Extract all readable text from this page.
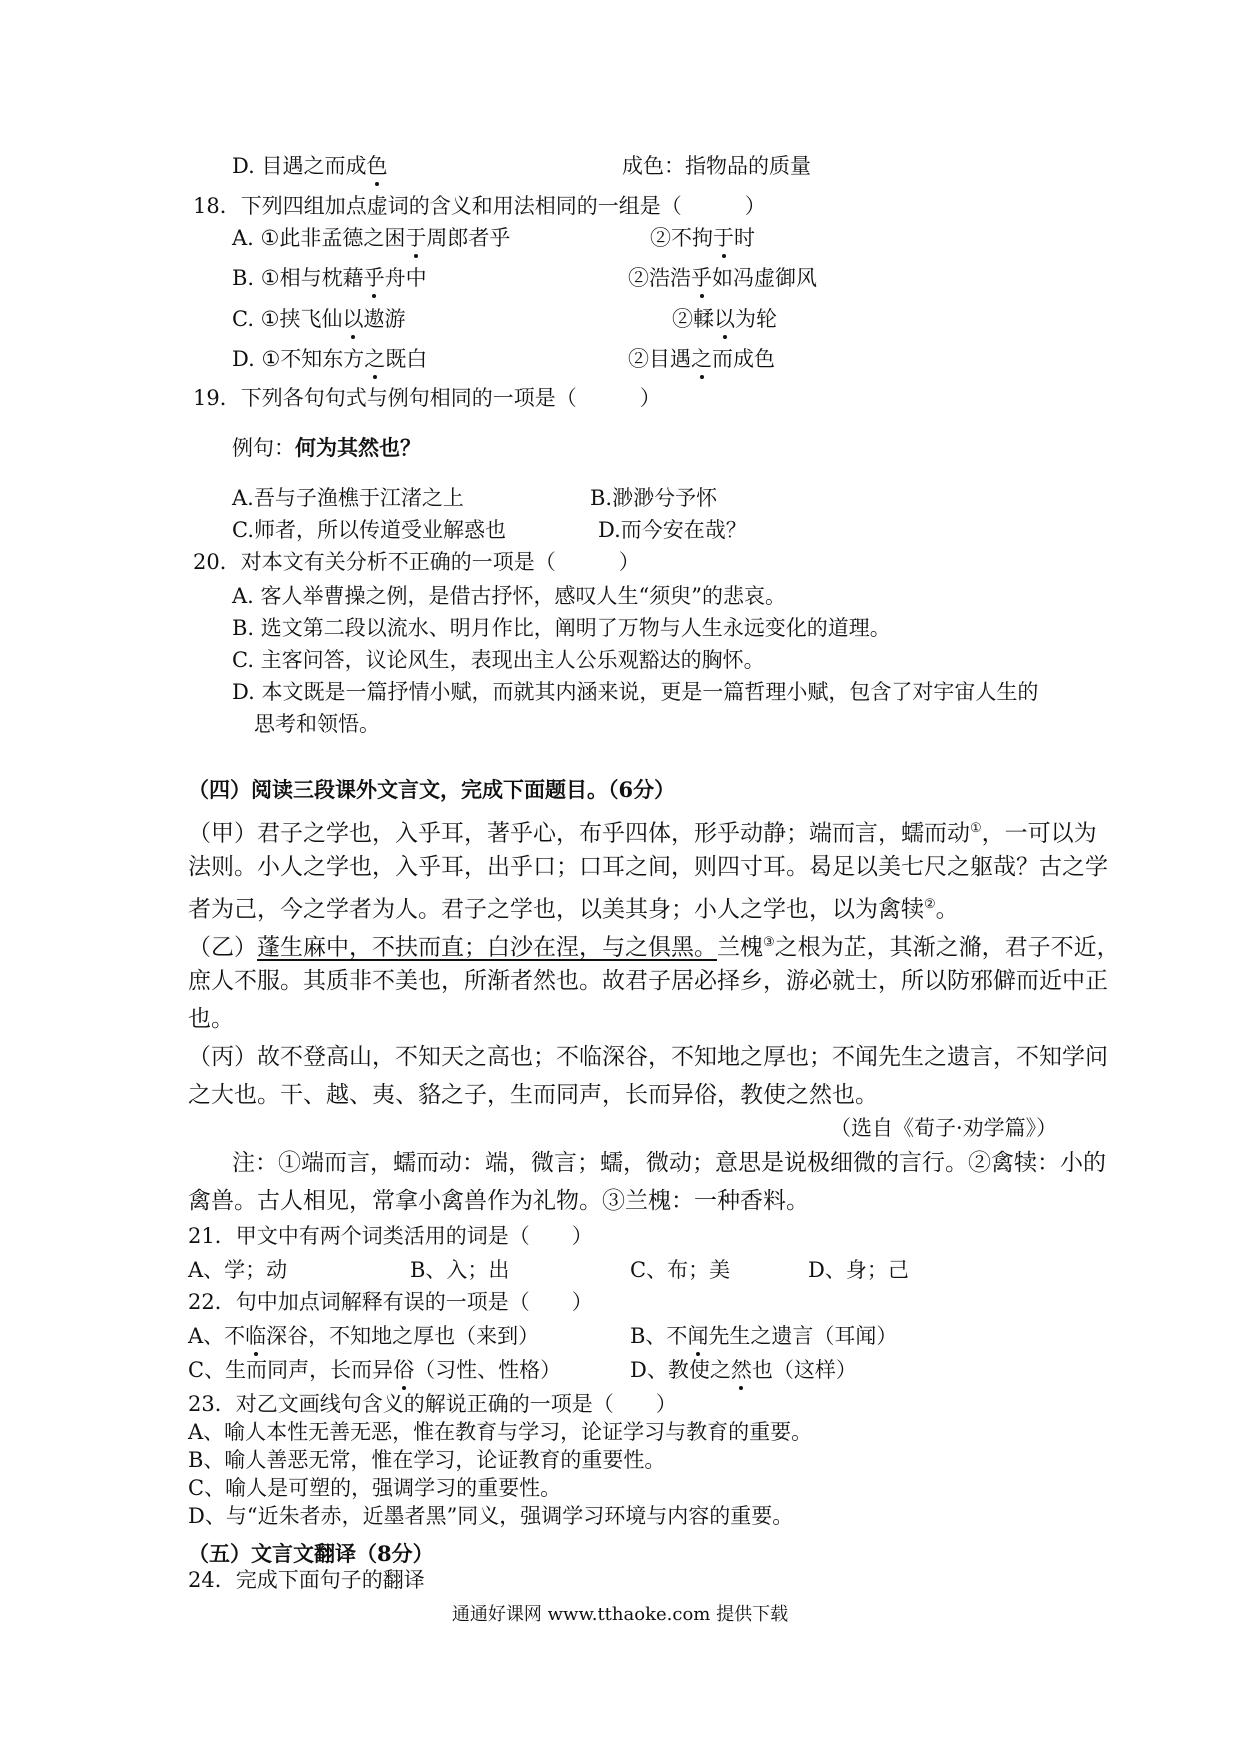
D. 目遇之而成色	成色：指物品的质量
18．下列四组加点虚词的含义和用法相同的一组是（　　　）
A. ①此非孟德之困于周郎者乎	②不拘于时
B. ①相与枕藉乎舟中	②浩浩乎如冯虚御风
C. ①挟飞仙以遨游	②輮以为轮
D. ①不知东方之既白	②目遇之而成色
19．下列各句句式与例句相同的一项是（　　　）
例句：何为其然也？
A.吾与子渔樵于江渚之上	B.渺渺兮予怀
C.师者，所以传道受业解惑也	D.而今安在哉？
20．对本文有关分析不正确的一项是（　　　）
A. 客人举曹操之例，是借古抒怀，感叹人生“须臾”的悲哀。
B. 选文第二段以流水、明月作比，阐明了万物与人生永远变化的道理。
C. 主客问答，议论风生，表现出主人公乐观豁达的胸怀。
D. 本文既是一篇抒情小赋，而就其内涵来说，更是一篇哲理小赋，包含了对宇宙人生的
思考和领悟。
（四）阅读三段课外文言文，完成下面题目。（6分）
（甲）君子之学也，入乎耳，著乎心，布乎四体，形乎动静；端而言，蠕而动①，一可以为
法则。小人之学也，入乎耳，出乎口；口耳之间，则四寸耳。曷足以美七尺之躯哉？古之学
者为己，今之学者为人。君子之学也，以美其身；小人之学也，以为禽犊②。
（乙）蓬生麻中，不扶而直；白沙在涅，与之俱黑。兰槐③之根为芷，其渐之滫，君子不近，
庶人不服。其质非不美也，所渐者然也。故君子居必择乡，游必就士，所以防邪僻而近中正
也。
（丙）故不登高山，不知天之高也；不临深谷，不知地之厚也；不闻先生之遗言，不知学问
之大也。干、越、夷、貉之子，生而同声，长而异俗，教使之然也。
（选自《荀子·劝学篇》）
注：①端而言，蠕而动：端，微言；蠕，微动；意思是说极细微的言行。②禽犊：小的
禽兽。古人相见，常拿小禽兽作为礼物。③兰槐：一种香料。
21．甲文中有两个词类活用的词是（　　）
A、学；动	B、入；出	C、布；美	D、身；己
22．句中加点词解释有误的一项是（　　）
A、不临深谷，不知地之厚也（来到）	B、不闻先生之遗言（耳闻）
C、生而同声，长而异俗（习性、性格）	D、教使之然也（这样）
23．对乙文画线句含义的解说正确的一项是（　　）
A、喻人本性无善无恶，惟在教育与学习，论证学习与教育的重要。
B、喻人善恶无常，惟在学习，论证教育的重要性。
C、喻人是可塑的，强调学习的重要性。
D、与“近朱者赤，近墨者黑”同义，强调学习环境与内容的重要。
（五）文言文翻译（8分）
24．完成下面句子的翻译
通通好课网 www.tthaoke.com 提供下载
